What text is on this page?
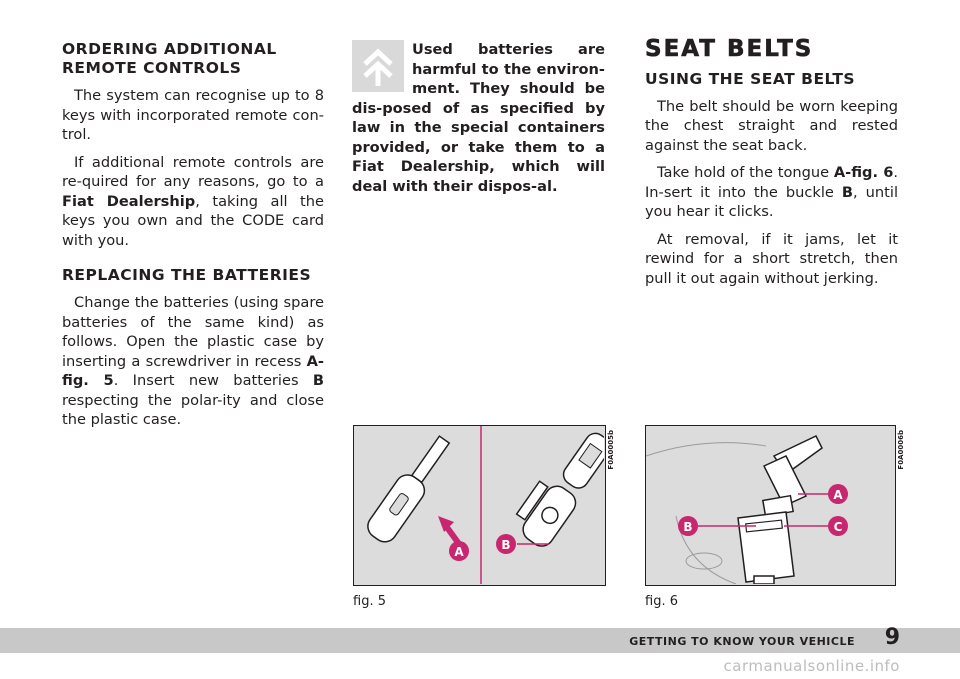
ORDERING ADDITIONAL REMOTE CONTROLS

The system can recognise up to 8 keys with incorporated remote con-trol.

If additional remote controls are re-quired for any reasons, go to a Fiat Dealership, taking all the keys you own and the CODE card with you.

REPLACING THE BATTERIES

Change the batteries (using spare batteries of the same kind) as follows. Open the plastic case by inserting a screwdriver in recess A-fig. 5. Insert new batteries B respecting the polar-ity and close the plastic case.

Used batteries are harmful to the environ-ment. They should be dis-posed of as specified by law in the special containers provided, or take them to a Fiat Dealership, which will deal with their dispos-al.

SEAT BELTS
USING THE SEAT BELTS

The belt should be worn keeping the chest straight and rested against the seat back.

Take hold of the tongue A-fig. 6. In-sert it into the buckle B, until you hear it clicks.

At removal, if it jams, let it rewind for a short stretch, then pull it out again without jerking.

A	B
F0A0005b
fig. 5
A
B	C
F0A0006b
fig. 6
GETTING TO KNOW YOUR VEHICLE 9
carmanualsonline.info
